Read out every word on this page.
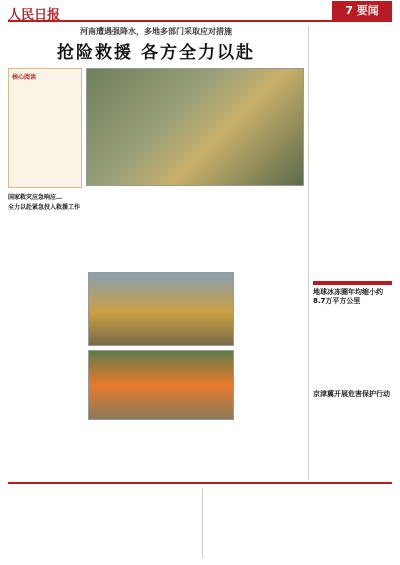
人民日报	7 要闻
河南遭遇强降水，多地多部门采取应对措施
抢险救援 各方全力以赴
核心阅读
国家救灾应急响应…
全力以赴紧急投入救援工作
地球冰冻圈年均缩小约8.7万平方公里
京津冀开展危害保护行动
